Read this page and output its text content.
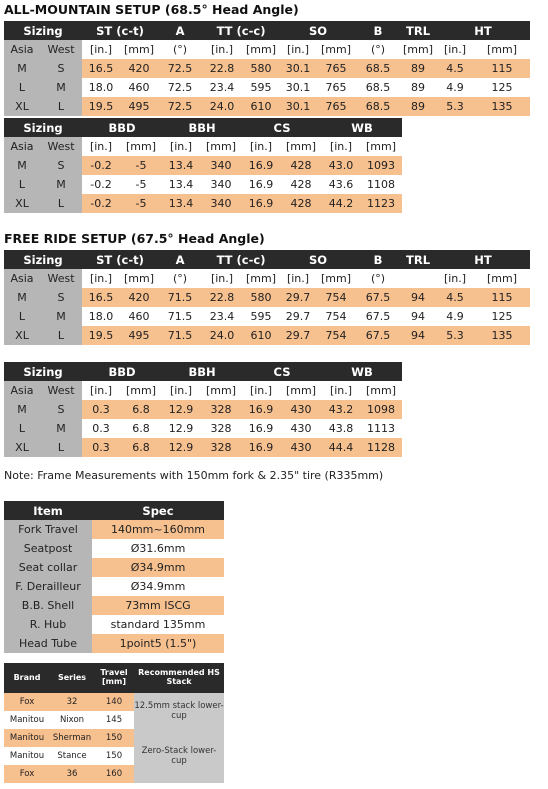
ALL-MOUNTAIN SETUP (68.5° Head Angle)
Sizing		ST (c-t)		A	TT (c-c)		SO		B	TRL	HT	
Asia	West	[in.]	[mm]	(°)	[in.]	[mm]	[in.]	[mm]	(°)	[mm]	[in.]	[mm]
M	S	16.5	420	72.5	22.8	580	30.1	765	68.5	89	4.5	115
L	M	18.0	460	72.5	23.4	595	30.1	765	68.5	89	4.9	125
XL	L	19.5	495	72.5	24.0	610	30.1	765	68.5	89	5.3	135
Sizing		BBD		BBH		CS		WB	
Asia	West	[in.]	[mm]	[in.]	[mm]	[in.]	[mm]	[in.]	[mm]
M	S	-0.2	-5	13.4	340	16.9	428	43.0	1093
L	M	-0.2	-5	13.4	340	16.9	428	43.6	1108
XL	L	-0.2	-5	13.4	340	16.9	428	44.2	1123
FREE RIDE SETUP (67.5° Head Angle)
Sizing		ST (c-t)		A	TT (c-c)		SO		B	TRL	HT	
Asia	West	[in.]	[mm]	(°)	[in.]	[mm]	[in.]	[mm]	(°)		[in.]	[mm]
M	S	16.5	420	71.5	22.8	580	29.7	754	67.5	94	4.5	115
L	M	18.0	460	71.5	23.4	595	29.7	754	67.5	94	4.9	125
XL	L	19.5	495	71.5	24.0	610	29.7	754	67.5	94	5.3	135
Sizing		BBD		BBH		CS		WB	
Asia	West	[in.]	[mm]	[in.]	[mm]	[in.]	[mm]	[in.]	[mm]
M	S	0.3	6.8	12.9	328	16.9	430	43.2	1098
L	M	0.3	6.8	12.9	328	16.9	430	43.8	1113
XL	L	0.3	6.8	12.9	328	16.9	430	44.4	1128
Note: Frame Measurements with 150mm fork & 2.35" tire (R335mm)
Item	Spec
Fork Travel	140mm~160mm
Seatpost	Ø31.6mm
Seat collar	Ø34.9mm
F. Derailleur	Ø34.9mm
B.B. Shell	73mm ISCG
R. Hub	standard 135mm
Head Tube	1point5 (1.5")
Brand	Series	Travel [mm]	Recommended HS Stack
Fox	32	140	12.5mm stack lower-cup
Manitou	Nixon	145	
Manitou	Sherman	150	Zero-Stack lower-cup
Manitou	Stance	150	
Fox	36	160	
